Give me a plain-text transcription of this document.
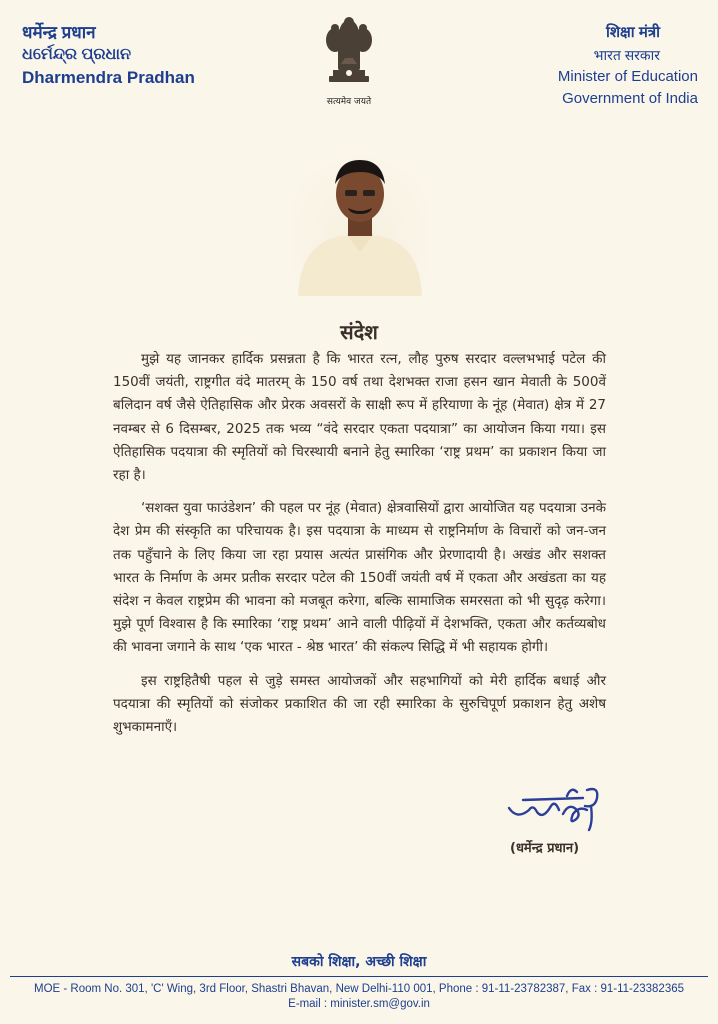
धर्मेन्द्र प्रधान
ଧର୍ମେନ୍ଦ୍ର ପ୍ରଧାନ
Dharmendra Pradhan
सत्यमेव जयते
शिक्षा मंत्री
भारत सरकार
Minister of Education
Government of India
संदेश

मुझे यह जानकर हार्दिक प्रसन्नता है कि भारत रत्न, लौह पुरुष सरदार वल्लभभाई पटेल की 150वीं जयंती, राष्ट्रगीत वंदे मातरम् के 150 वर्ष तथा देशभक्त राजा हसन खान मेवाती के 500वें बलिदान वर्ष जैसे ऐतिहासिक और प्रेरक अवसरों के साक्षी रूप में हरियाणा के नूंह (मेवात) क्षेत्र में 27 नवम्बर से 6 दिसम्बर, 2025 तक भव्य “वंदे सरदार एकता पदयात्रा” का आयोजन किया गया। इस ऐतिहासिक पदयात्रा की स्मृतियों को चिरस्थायी बनाने हेतु स्मारिका ‘राष्ट्र प्रथम’ का प्रकाशन किया जा रहा है।

‘सशक्त युवा फाउंडेशन’ की पहल पर नूंह (मेवात) क्षेत्रवासियों द्वारा आयोजित यह पदयात्रा उनके देश प्रेम की संस्कृति का परिचायक है। इस पदयात्रा के माध्यम से राष्ट्रनिर्माण के विचारों को जन-जन तक पहुँचाने के लिए किया जा रहा प्रयास अत्यंत प्रासंगिक और प्रेरणादायी है। अखंड और सशक्त भारत के निर्माण के अमर प्रतीक सरदार पटेल की 150वीं जयंती वर्ष में एकता और अखंडता का यह संदेश न केवल राष्ट्रप्रेम की भावना को मजबूत करेगा, बल्कि सामाजिक समरसता को भी सुदृढ़ करेगा। मुझे पूर्ण विश्वास है कि स्मारिका ‘राष्ट्र प्रथम’ आने वाली पीढ़ियों में देशभक्ति, एकता और कर्तव्यबोध की भावना जगाने के साथ ‘एक भारत - श्रेष्ठ भारत’ की संकल्प सिद्धि में भी सहायक होगी।

इस राष्ट्रहितैषी पहल से जुड़े समस्त आयोजकों और सहभागियों को मेरी हार्दिक बधाई और पदयात्रा की स्मृतियों को संजोकर प्रकाशित की जा रही स्मारिका के सुरुचिपूर्ण प्रकाशन हेतु अशेष शुभकामनाएँ।

(धर्मेन्द्र प्रधान)
सबको शिक्षा, अच्छी शिक्षा
MOE - Room No. 301, 'C' Wing, 3rd Floor, Shastri Bhavan, New Delhi-110 001, Phone : 91-11-23782387, Fax : 91-11-23382365
E-mail : minister.sm@gov.in
